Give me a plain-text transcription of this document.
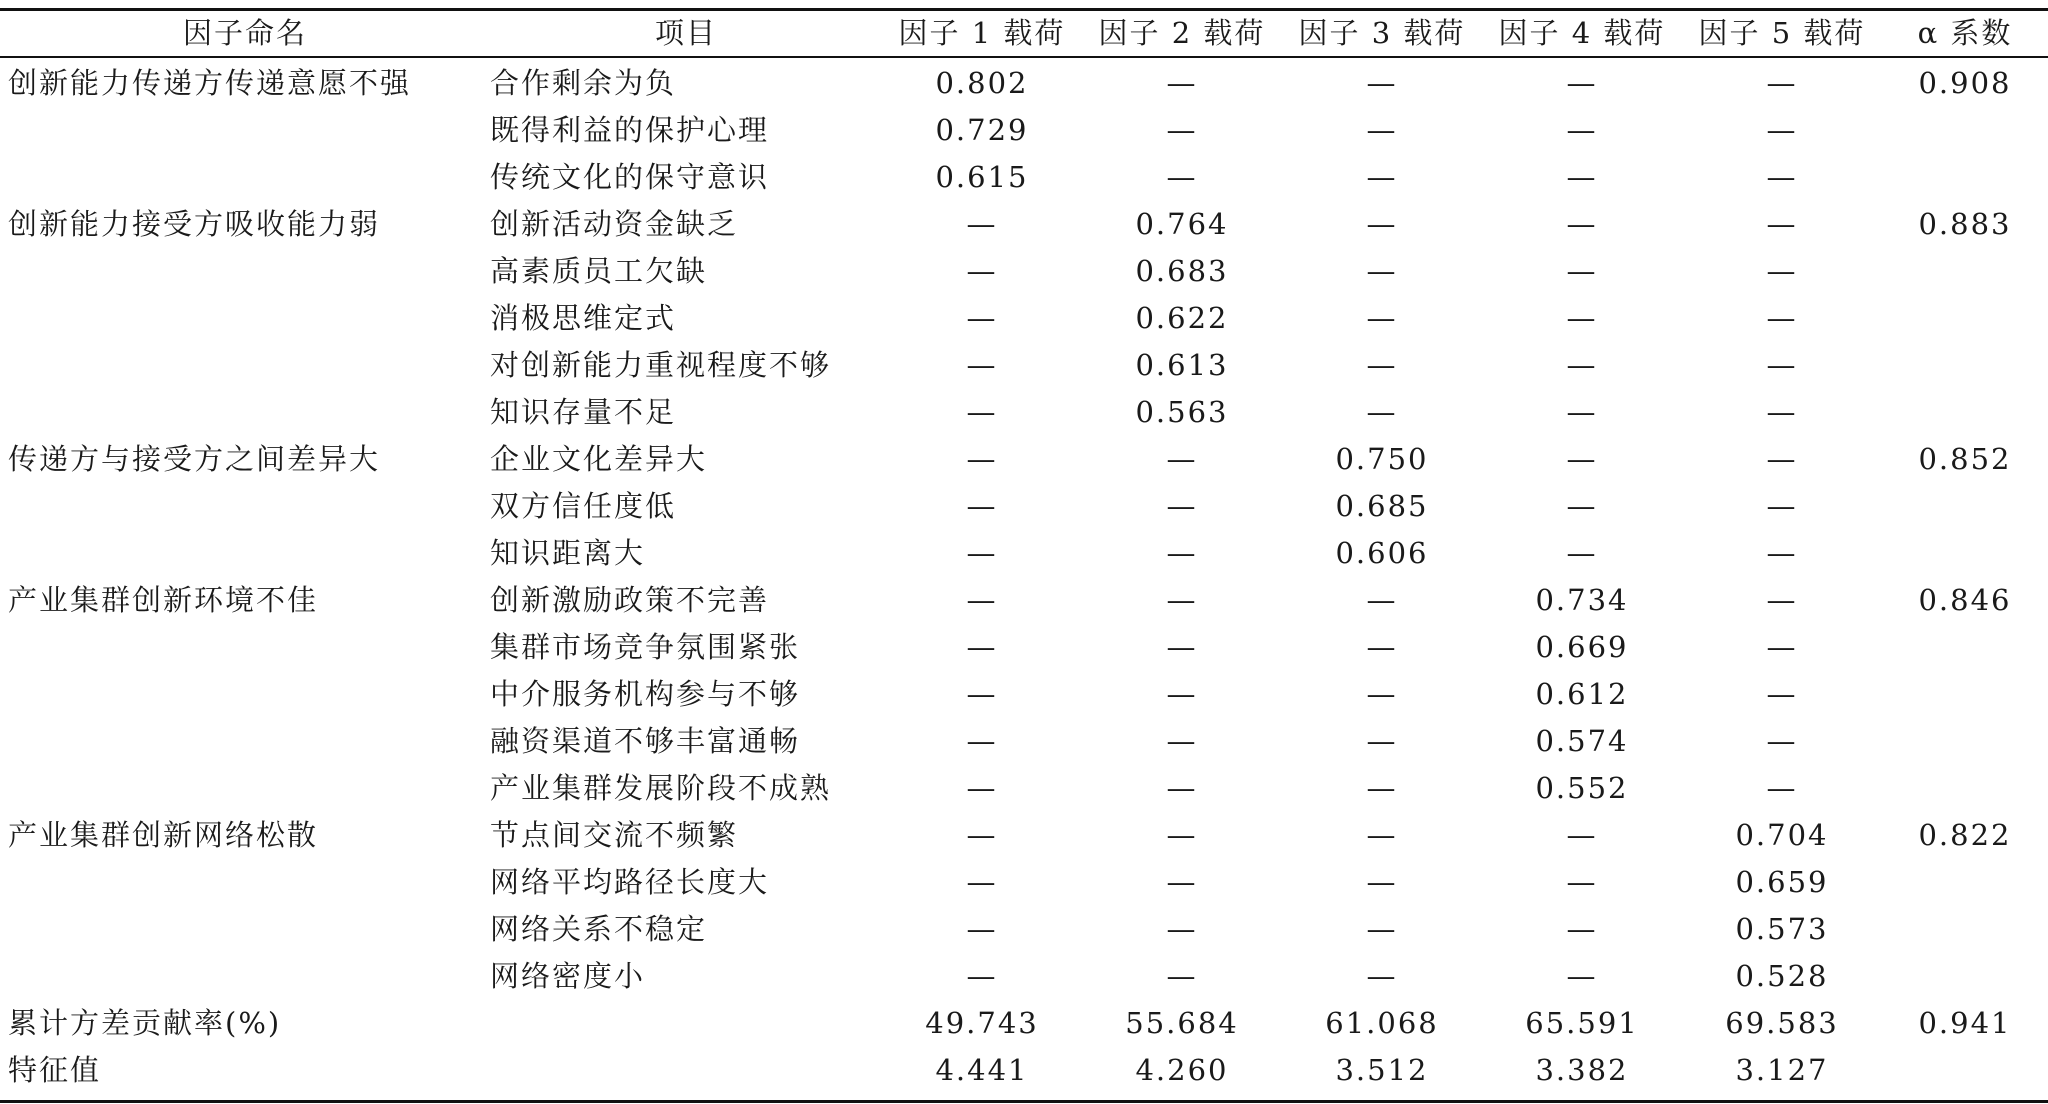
因子命名	项目	因子 1 载荷	因子 2 载荷	因子 3 载荷	因子 4 载荷	因子 5 载荷	α 系数
创新能力传递方传递意愿不强	合作剩余为负	0.802	—	—	—	—	0.908
	既得利益的保护心理	0.729	—	—	—	—	
	传统文化的保守意识	0.615	—	—	—	—	
创新能力接受方吸收能力弱	创新活动资金缺乏	—	0.764	—	—	—	0.883
	高素质员工欠缺	—	0.683	—	—	—	
	消极思维定式	—	0.622	—	—	—	
	对创新能力重视程度不够	—	0.613	—	—	—	
	知识存量不足	—	0.563	—	—	—	
传递方与接受方之间差异大	企业文化差异大	—	—	0.750	—	—	0.852
	双方信任度低	—	—	0.685	—	—	
	知识距离大	—	—	0.606	—	—	
产业集群创新环境不佳	创新激励政策不完善	—	—	—	0.734	—	0.846
	集群市场竞争氛围紧张	—	—	—	0.669	—	
	中介服务机构参与不够	—	—	—	0.612	—	
	融资渠道不够丰富通畅	—	—	—	0.574	—	
	产业集群发展阶段不成熟	—	—	—	0.552	—	
产业集群创新网络松散	节点间交流不频繁	—	—	—	—	0.704	0.822
	网络平均路径长度大	—	—	—	—	0.659	
	网络关系不稳定	—	—	—	—	0.573	
	网络密度小	—	—	—	—	0.528	
累计方差贡献率(%)		49.743	55.684	61.068	65.591	69.583	0.941
特征值		4.441	4.260	3.512	3.382	3.127	
